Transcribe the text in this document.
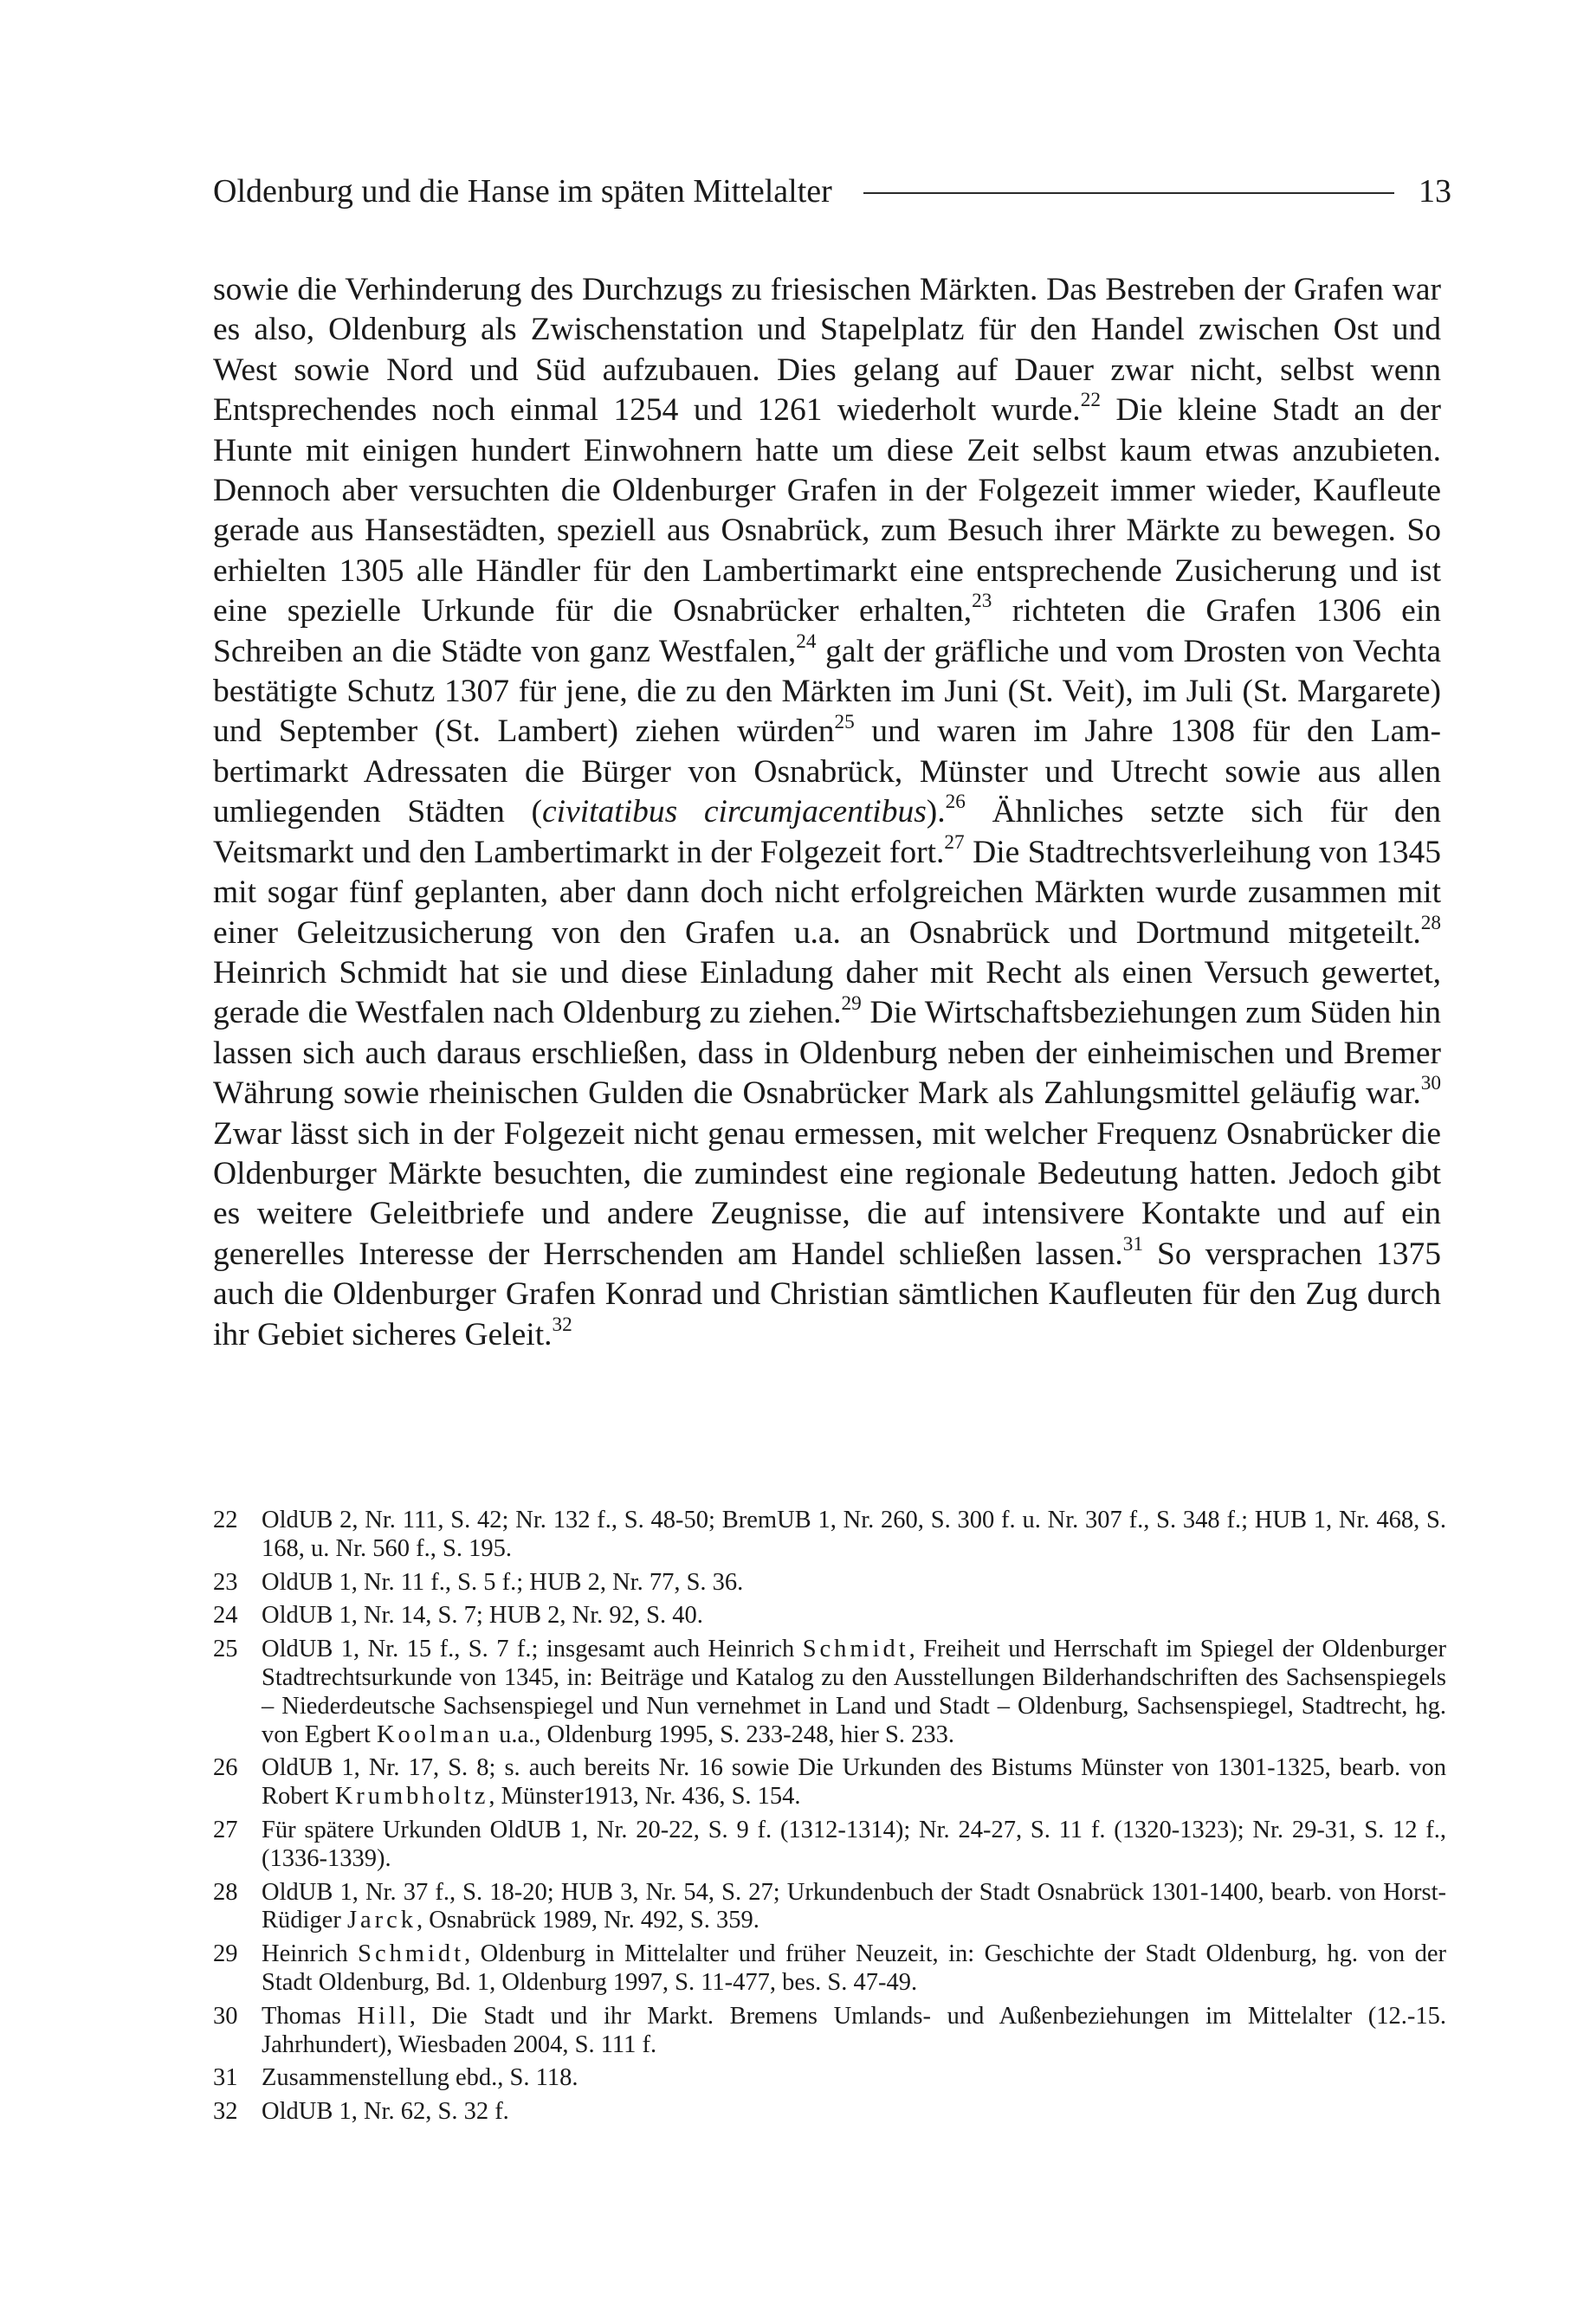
Oldenburg und die Hanse im späten Mittelalter	13

sowie die Verhinderung des Durchzugs zu friesischen Märkten. Das Bestreben der Grafen war es also, Oldenburg als Zwischenstation und Stapelplatz für den Handel zwischen Ost und West sowie Nord und Süd aufzubauen. Dies gelang auf Dauer zwar nicht, selbst wenn Entsprechendes noch einmal 1254 und 1261 wiederholt wurde.$^{22}$ Die kleine Stadt an der Hunte mit einigen hundert Einwohnern hatte um diese Zeit selbst kaum etwas anzubieten. Dennoch aber versuchten die Oldenburger Grafen in der Folgezeit immer wieder, Kaufleute gerade aus Hansestädten, speziell aus Osnabrück, zum Besuch ihrer Märkte zu bewegen. So erhielten 1305 alle Händler für den Lambertimarkt eine entsprechende Zusicherung und ist eine spezielle Urkunde für die Osnabrücker erhalten,$^{23}$ richteten die Grafen 1306 ein Schreiben an die Städte von ganz Westfalen,$^{24}$ galt der gräfliche und vom Drosten von Vechta bestätigte Schutz 1307 für jene, die zu den Märkten im Juni (St. Veit), im Juli (St. Margarete) und September (St. Lambert) ziehen würden$^{25}$ und waren im Jahre 1308 für den Lambertimarkt Adressaten die Bürger von Osnabrück, Münster und Utrecht sowie aus allen umliegenden Städten (civitatibus circumjacentibus).$^{26}$ Ähnliches setzte sich für den Veitsmarkt und den Lambertimarkt in der Folgezeit fort.$^{27}$ Die Stadtrechtsverleihung von 1345 mit sogar fünf geplanten, aber dann doch nicht erfolgreichen Märkten wurde zusammen mit einer Geleitzusicherung von den Grafen u.a. an Osnabrück und Dortmund mitgeteilt.$^{28}$ Heinrich Schmidt hat sie und diese Einladung daher mit Recht als einen Versuch gewertet, gerade die Westfalen nach Oldenburg zu ziehen.$^{29}$ Die Wirtschaftsbeziehungen zum Süden hin lassen sich auch daraus erschließen, dass in Oldenburg neben der einheimischen und Bremer Währung sowie rheinischen Gulden die Osnabrücker Mark als Zahlungsmittel geläufig war.$^{30}$ Zwar lässt sich in der Folgezeit nicht genau ermessen, mit welcher Frequenz Osnabrücker die Oldenburger Märkte besuchten, die zumindest eine regionale Bedeutung hatten. Jedoch gibt es weitere Geleitbriefe und andere Zeugnisse, die auf intensivere Kontakte und auf ein generelles Interesse der Herrschenden am Handel schließen lassen.$^{31}$ So versprachen 1375 auch die Oldenburger Grafen Konrad und Christian sämtlichen Kaufleuten für den Zug durch ihr Gebiet sicheres Geleit.$^{32}$

22 OldUB 2, Nr. 111, S. 42; Nr. 132 f., S. 48-50; BremUB 1, Nr. 260, S. 300 f. u. Nr. 307 f., S. 348 f.; HUB 1, Nr. 468, S. 168, u. Nr. 560 f., S. 195.
23 OldUB 1, Nr. 11 f., S. 5 f.; HUB 2, Nr. 77, S. 36.
24 OldUB 1, Nr. 14, S. 7; HUB 2, Nr. 92, S. 40.
25 OldUB 1, Nr. 15 f., S. 7 f.; insgesamt auch Heinrich Schmidt, Freiheit und Herrschaft im Spiegel der Oldenburger Stadtrechtsurkunde von 1345, in: Beiträge und Katalog zu den Ausstellungen Bilderhandschriften des Sachsenspiegels – Niederdeutsche Sachsenspiegel und Nun vernehmet in Land und Stadt – Oldenburg, Sachsenspiegel, Stadtrecht, hg. von Egbert Koolman u.a., Oldenburg 1995, S. 233-248, hier S. 233.
26 OldUB 1, Nr. 17, S. 8; s. auch bereits Nr. 16 sowie Die Urkunden des Bistums Münster von 1301-1325, bearb. von Robert Krumbholtz, Münster1913, Nr. 436, S. 154.
27 Für spätere Urkunden OldUB 1, Nr. 20-22, S. 9 f. (1312-1314); Nr. 24-27, S. 11 f. (1320-1323); Nr. 29-31, S. 12 f., (1336-1339).
28 OldUB 1, Nr. 37 f., S. 18-20; HUB 3, Nr. 54, S. 27; Urkundenbuch der Stadt Osnabrück 1301-1400, bearb. von Horst-Rüdiger Jarck, Osnabrück 1989, Nr. 492, S. 359.
29 Heinrich Schmidt, Oldenburg in Mittelalter und früher Neuzeit, in: Geschichte der Stadt Oldenburg, hg. von der Stadt Oldenburg, Bd. 1, Oldenburg 1997, S. 11-477, bes. S. 47-49.
30 Thomas Hill, Die Stadt und ihr Markt. Bremens Umlands- und Außenbeziehungen im Mittelalter (12.-15. Jahrhundert), Wiesbaden 2004, S. 111 f.
31 Zusammenstellung ebd., S. 118.
32 OldUB 1, Nr. 62, S. 32 f.
